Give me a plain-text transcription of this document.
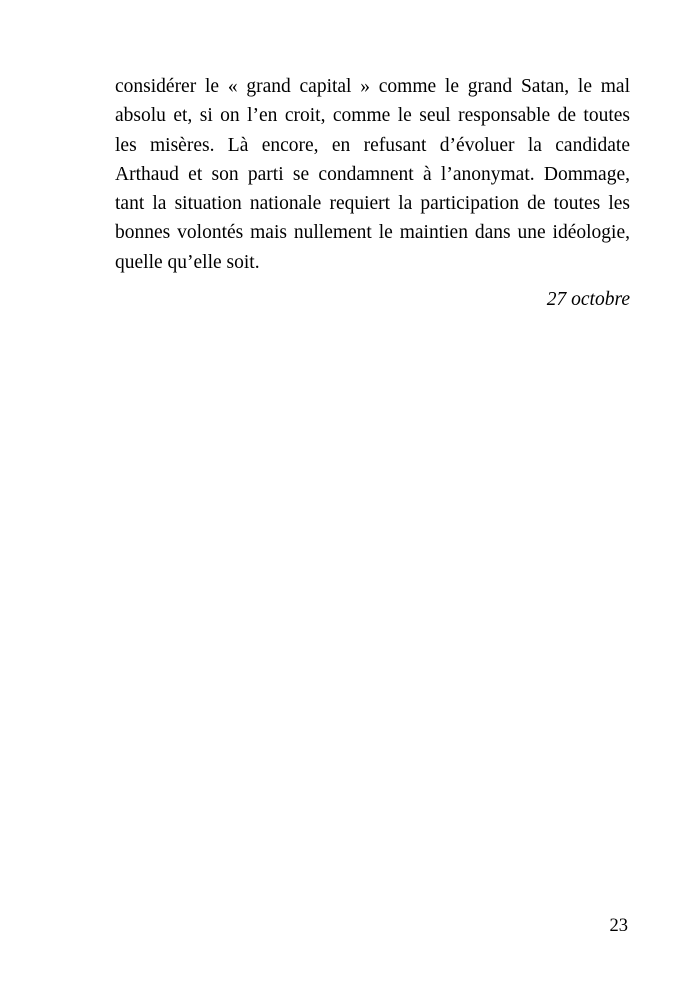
considérer le « grand capital » comme le grand Satan, le mal
absolu et, si on l’en croit, comme le seul responsable de toutes
les misères. Là encore, en refusant d’évoluer la candidate
Arthaud et son parti se condamnent à l’anonymat. Dommage,
tant la situation nationale requiert la participation de toutes les
bonnes volontés mais nullement le maintien dans une idéologie,
quelle qu’elle soit.
27 octobre
23
